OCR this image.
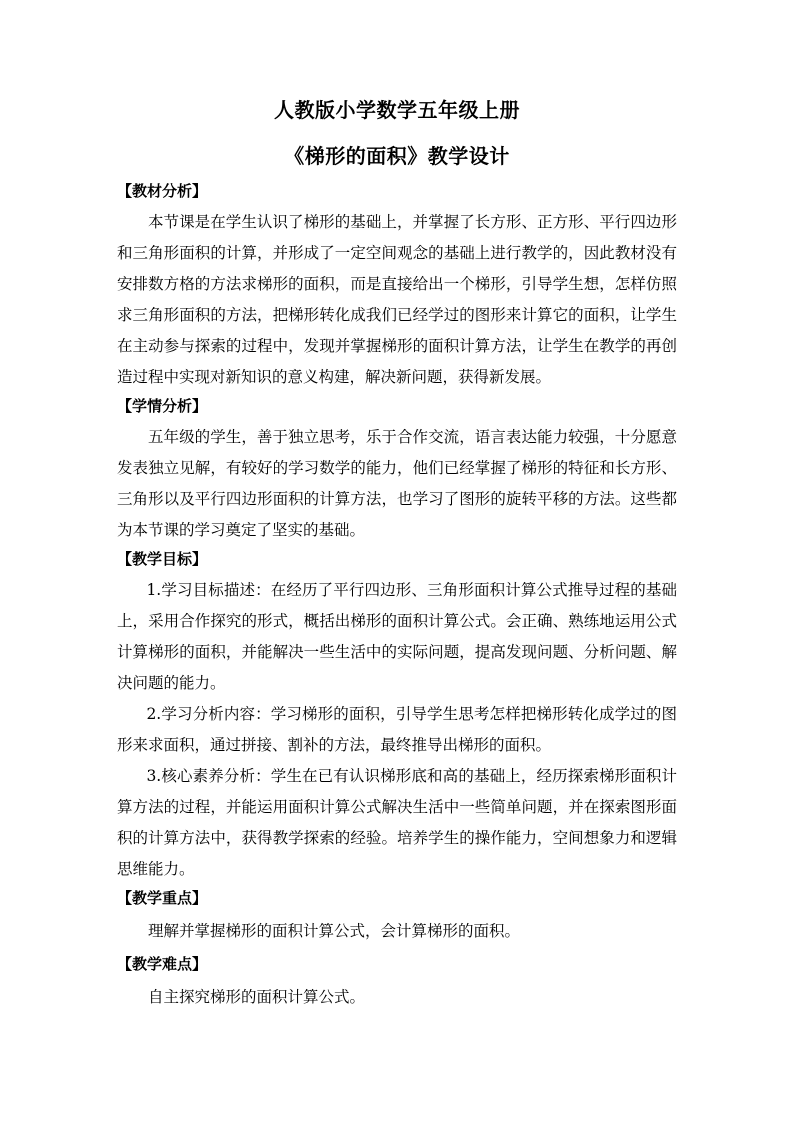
人教版小学数学五年级上册
《梯形的面积》教学设计
【教材分析】
本节课是在学生认识了梯形的基础上，并掌握了长方形、正方形、平行四边形和三角形面积的计算，并形成了一定空间观念的基础上进行教学的，因此教材没有安排数方格的方法求梯形的面积，而是直接给出一个梯形，引导学生想，怎样仿照求三角形面积的方法，把梯形转化成我们已经学过的图形来计算它的面积，让学生在主动参与探索的过程中，发现并掌握梯形的面积计算方法，让学生在教学的再创造过程中实现对新知识的意义构建，解决新问题，获得新发展。
【学情分析】
五年级的学生，善于独立思考，乐于合作交流，语言表达能力较强，十分愿意发表独立见解，有较好的学习数学的能力，他们已经掌握了梯形的特征和长方形、三角形以及平行四边形面积的计算方法，也学习了图形的旋转平移的方法。这些都为本节课的学习奠定了坚实的基础。
【教学目标】
1.学习目标描述：在经历了平行四边形、三角形面积计算公式推导过程的基础上，采用合作探究的形式，概括出梯形的面积计算公式。会正确、熟练地运用公式计算梯形的面积，并能解决一些生活中的实际问题，提高发现问题、分析问题、解决问题的能力。
2.学习分析内容：学习梯形的面积，引导学生思考怎样把梯形转化成学过的图形来求面积，通过拼接、割补的方法，最终推导出梯形的面积。
3.核心素养分析：学生在已有认识梯形底和高的基础上，经历探索梯形面积计算方法的过程，并能运用面积计算公式解决生活中一些简单问题，并在探索图形面积的计算方法中，获得教学探索的经验。培养学生的操作能力，空间想象力和逻辑思维能力。
【教学重点】
理解并掌握梯形的面积计算公式，会计算梯形的面积。
【教学难点】
自主探究梯形的面积计算公式。
